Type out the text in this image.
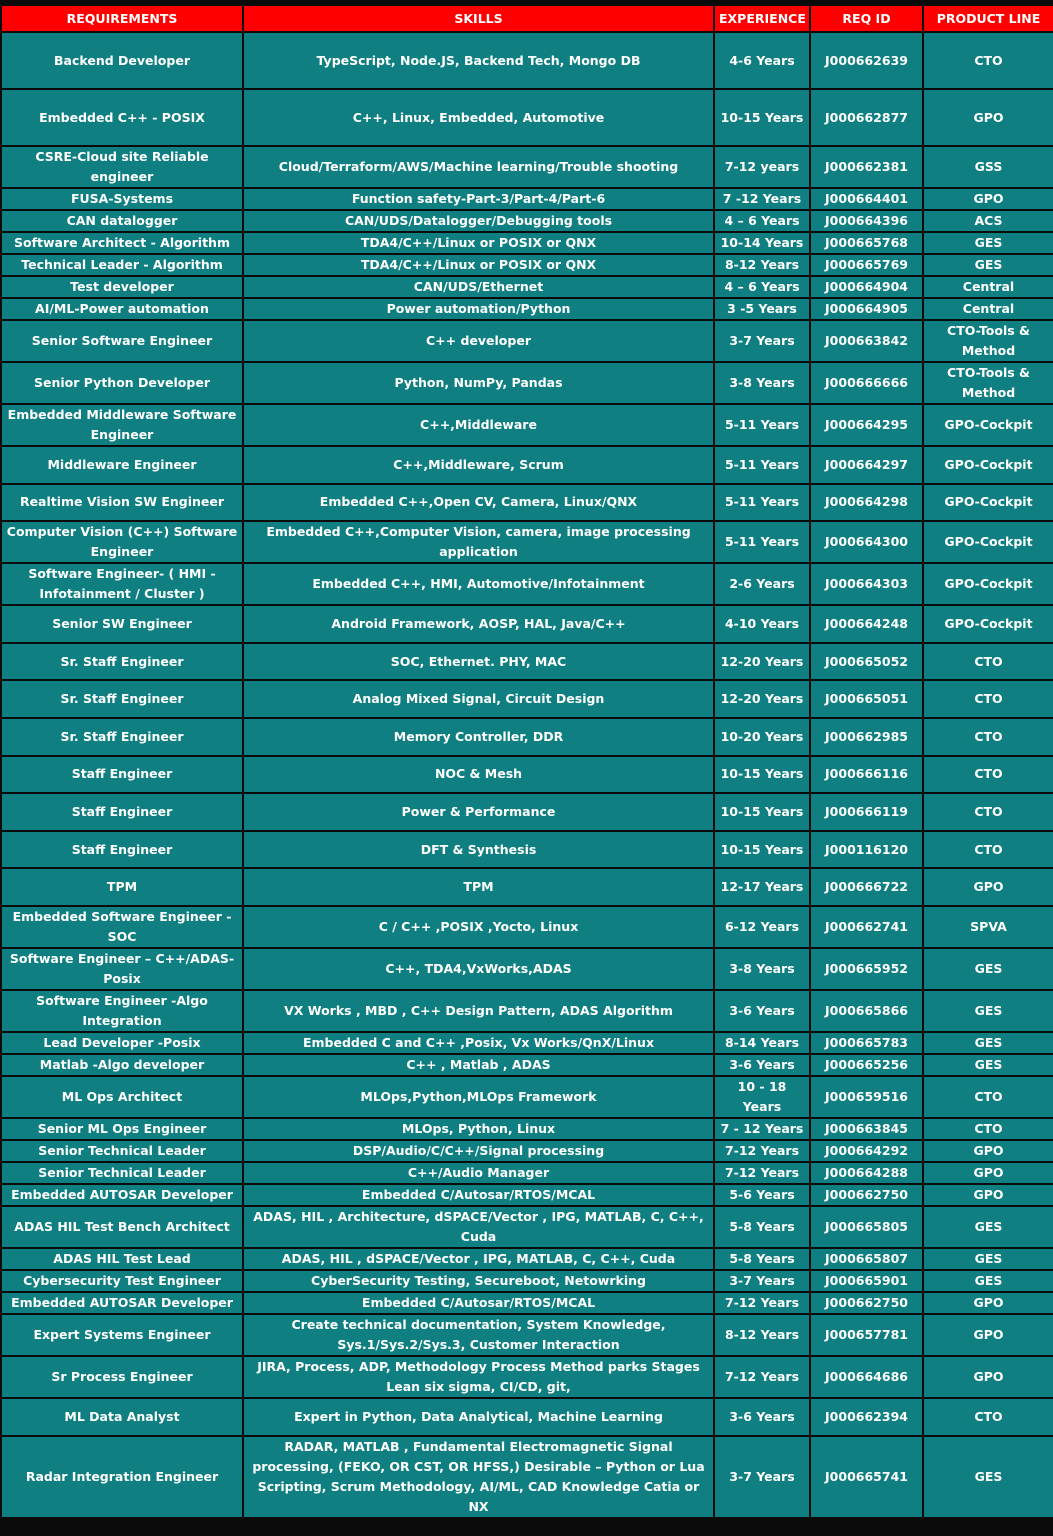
REQUIREMENTS	SKILLS	EXPERIENCE	REQ ID	PRODUCT LINE
Backend Developer	TypeScript, Node.JS, Backend Tech, Mongo DB	4-6 Years	J000662639	CTO
Embedded C++ - POSIX	C++, Linux, Embedded, Automotive	10-15 Years	J000662877	GPO
CSRE-Cloud site Reliable engineer	Cloud/Terraform/AWS/Machine learning/Trouble shooting	7-12 years	J000662381	GSS
FUSA-Systems	Function safety-Part-3/Part-4/Part-6	7 -12 Years	J000664401	GPO
CAN datalogger	CAN/UDS/Datalogger/Debugging tools	4 – 6 Years	J000664396	ACS
Software Architect - Algorithm	TDA4/C++/Linux or POSIX or QNX	10-14 Years	J000665768	GES
Technical Leader - Algorithm	TDA4/C++/Linux or POSIX or QNX	8-12 Years	J000665769	GES
Test developer	CAN/UDS/Ethernet	4 – 6 Years	J000664904	Central
AI/ML-Power automation	Power automation/Python	3 -5 Years	J000664905	Central
Senior Software Engineer	C++ developer	3-7 Years	J000663842	CTO-Tools & Method
Senior Python Developer	Python, NumPy, Pandas	3-8 Years	J000666666	CTO-Tools & Method
Embedded Middleware Software Engineer	C++,Middleware	5-11 Years	J000664295	GPO-Cockpit
Middleware Engineer	C++,Middleware, Scrum	5-11 Years	J000664297	GPO-Cockpit
Realtime Vision SW Engineer	Embedded C++,Open CV, Camera, Linux/QNX	5-11 Years	J000664298	GPO-Cockpit
Computer Vision (C++) Software Engineer	Embedded C++,Computer Vision, camera, image processing application	5-11 Years	J000664300	GPO-Cockpit
Software Engineer- ( HMI - Infotainment / Cluster )	Embedded C++, HMI, Automotive/Infotainment	2-6 Years	J000664303	GPO-Cockpit
Senior SW Engineer	Android Framework, AOSP, HAL, Java/C++	4-10 Years	J000664248	GPO-Cockpit
Sr. Staff Engineer	SOC, Ethernet. PHY, MAC	12-20 Years	J000665052	CTO
Sr. Staff Engineer	Analog Mixed Signal, Circuit Design	12-20 Years	J000665051	CTO
Sr. Staff Engineer	Memory Controller, DDR	10-20 Years	J000662985	CTO
Staff Engineer	NOC & Mesh	10-15 Years	J000666116	CTO
Staff Engineer	Power & Performance	10-15 Years	J000666119	CTO
Staff Engineer	DFT & Synthesis	10-15 Years	J000116120	CTO
TPM	TPM	12-17 Years	J000666722	GPO
Embedded Software Engineer - SOC	C / C++ ,POSIX ,Yocto, Linux	6-12 Years	J000662741	SPVA
Software Engineer – C++/ADAS-Posix	C++, TDA4,VxWorks,ADAS	3-8 Years	J000665952	GES
Software Engineer -Algo Integration	VX Works , MBD , C++ Design Pattern, ADAS Algorithm	3-6 Years	J000665866	GES
Lead Developer -Posix	Embedded C and C++ ,Posix, Vx Works/QnX/Linux	8-14 Years	J000665783	GES
Matlab -Algo developer	C++ , Matlab , ADAS	3-6 Years	J000665256	GES
ML Ops Architect	MLOps,Python,MLOps Framework	10 - 18 Years	J000659516	CTO
Senior ML Ops Engineer	MLOps, Python, Linux	7 - 12 Years	J000663845	CTO
Senior Technical Leader	DSP/Audio/C/C++/Signal processing	7-12 Years	J000664292	GPO
Senior Technical Leader	C++/Audio Manager	7-12 Years	J000664288	GPO
Embedded AUTOSAR Developer	Embedded C/Autosar/RTOS/MCAL	5-6 Years	J000662750	GPO
ADAS HIL Test Bench Architect	ADAS, HIL , Architecture, dSPACE/Vector , IPG, MATLAB, C, C++, Cuda	5-8 Years	J000665805	GES
ADAS HIL Test Lead	ADAS, HIL , dSPACE/Vector , IPG, MATLAB, C, C++, Cuda	5-8 Years	J000665807	GES
Cybersecurity Test Engineer	CyberSecurity Testing, Secureboot, Netowrking	3-7 Years	J000665901	GES
Embedded AUTOSAR Developer	Embedded C/Autosar/RTOS/MCAL	7-12 Years	J000662750	GPO
Expert Systems Engineer	Create technical documentation, System Knowledge, Sys.1/Sys.2/Sys.3, Customer Interaction	8-12 Years	J000657781	GPO
Sr Process Engineer	JIRA, Process, ADP, Methodology Process Method parks Stages Lean six sigma, CI/CD, git,	7-12 Years	J000664686	GPO
ML Data Analyst	Expert in Python, Data Analytical, Machine Learning	3-6 Years	J000662394	CTO
Radar Integration Engineer	RADAR, MATLAB , Fundamental Electromagnetic Signal processing, (FEKO, OR CST, OR HFSS,) Desirable – Python or Lua Scripting, Scrum Methodology, AI/ML, CAD Knowledge Catia or NX	3-7 Years	J000665741	GES
